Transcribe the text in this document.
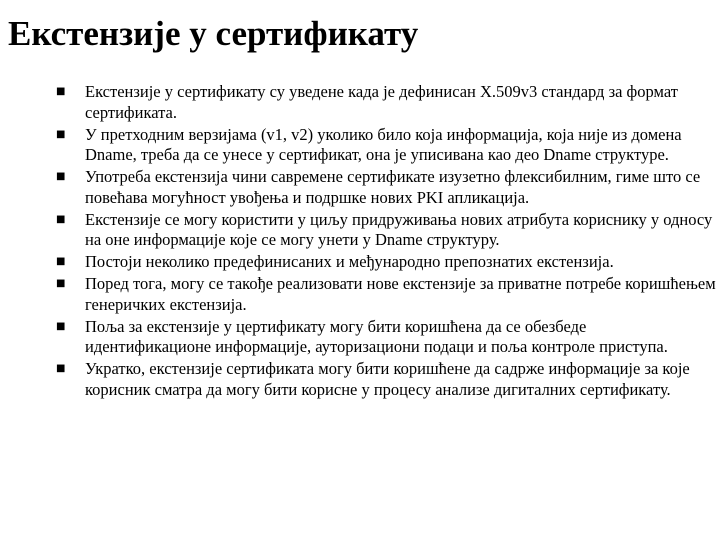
Екстензије у сертификату
■ Екстензије у сертификату су уведене када је дефинисан X.509v3 стандард за формат сертификата.
■ У претходним верзијама (v1, v2) уколико било која информација, која није из домена Dname, треба да се унесе у сертификат, она је уписивана као део Dname структуре.
■ Употреба екстензија чини савремене сертификате изузетно флексибилним, гиме што се повећава могућност увођења и подршке нових PKI апликација.
■ Екстензије се могу користити у циљу придруживања нових атрибута кориснику у односу на оне информације које се могу унети у Dname структуру.
■ Постоји неколико предефинисаних и међународно препознатих екстензија.
■ Поред тога, могу се такође реализовати нове екстензије за приватне потребе коришћењем генеричких екстензија.
■ Поља за екстензије у цертификату могу бити коришћена да се обезбеде идентификационе информације, ауторизациони подаци и поља контроле приступа.
■ Укратко, екстензије сертификата могу бити коришћене да садрже информације за које корисник сматра да могу бити корисне у процесу анализе дигиталних сертификату.
